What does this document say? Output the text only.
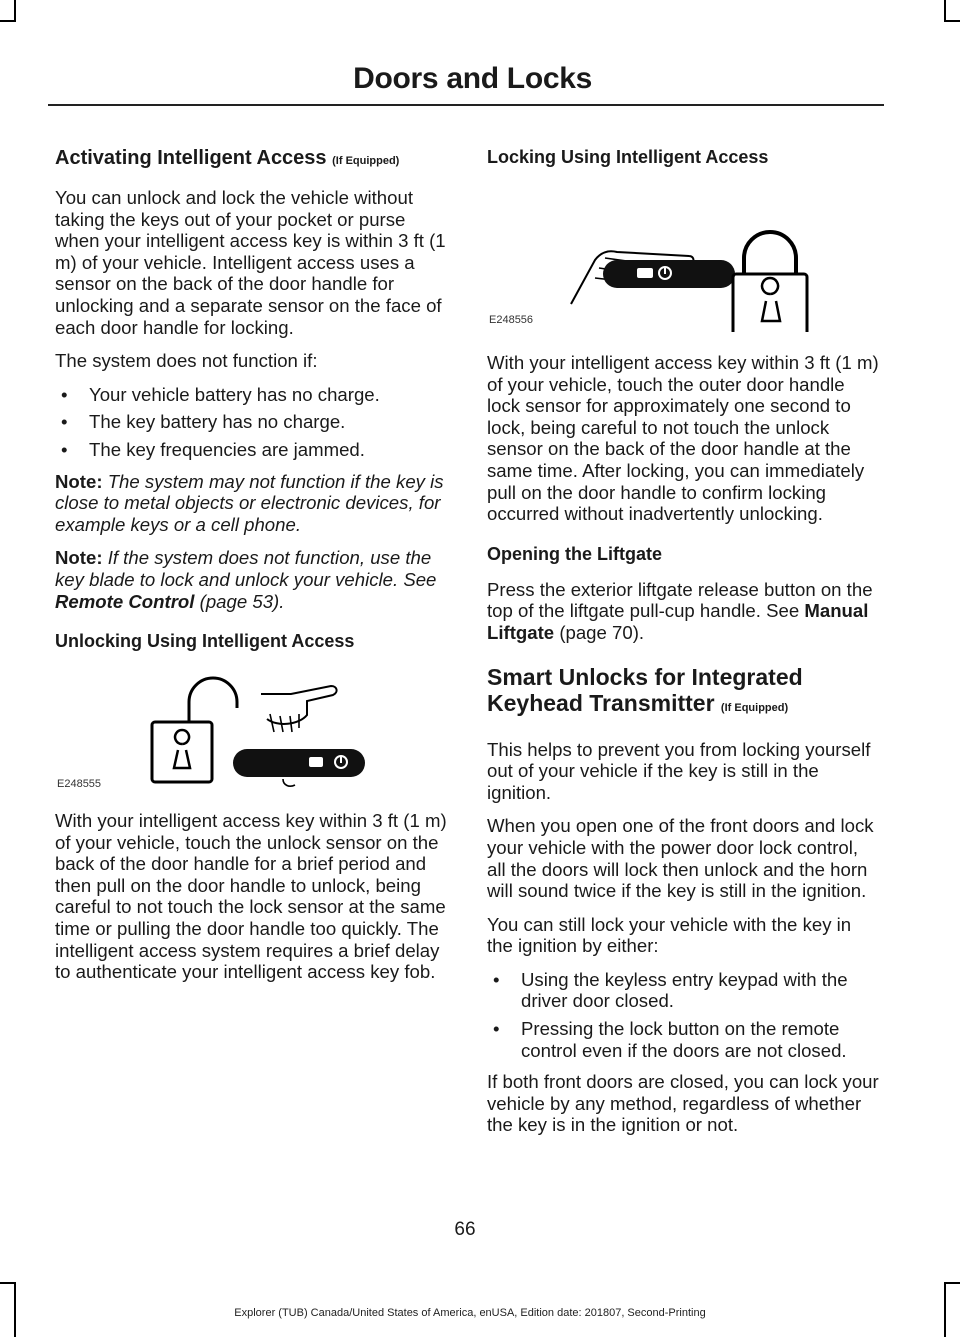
Doors and Locks
Activating Intelligent Access (If Equipped)

You can unlock and lock the vehicle without taking the keys out of your pocket or purse when your intelligent access key is within 3 ft (1 m) of your vehicle. Intelligent access uses a sensor on the back of the door handle for unlocking and a separate sensor on the face of each door handle for locking.

The system does not function if:

• Your vehicle battery has no charge.
• The key battery has no charge.
• The key frequencies are jammed.

Note: The system may not function if the key is close to metal objects or electronic devices, for example keys or a cell phone.

Note: If the system does not function, use the key blade to lock and unlock your vehicle. See Remote Control (page 53).

Unlocking Using Intelligent Access
E248555

With your intelligent access key within 3 ft (1 m) of your vehicle, touch the unlock sensor on the back of the door handle for a brief period and then pull on the door handle to unlock, being careful to not touch the lock sensor at the same time or pulling the door handle too quickly. The intelligent access system requires a brief delay to authenticate your intelligent access key fob.

Locking Using Intelligent Access
E248556

With your intelligent access key within 3 ft (1 m) of your vehicle, touch the outer door handle lock sensor for approximately one second to lock, being careful to not touch the unlock sensor on the back of the door handle at the same time. After locking, you can immediately pull on the door handle to confirm locking occurred without inadvertently unlocking.

Opening the Liftgate

Press the exterior liftgate release button on the top of the liftgate pull-cup handle. See Manual Liftgate (page 70).

Smart Unlocks for Integrated Keyhead Transmitter (If Equipped)

This helps to prevent you from locking yourself out of your vehicle if the key is still in the ignition.

When you open one of the front doors and lock your vehicle with the power door lock control, all the doors will lock then unlock and the horn will sound twice if the key is still in the ignition.

You can still lock your vehicle with the key in the ignition by either:

• Using the keyless entry keypad with the driver door closed.
• Pressing the lock button on the remote control even if the doors are not closed.

If both front doors are closed, you can lock your vehicle by any method, regardless of whether the key is in the ignition or not.

66
Explorer (TUB) Canada/United States of America, enUSA, Edition date: 201807, Second-Printing
